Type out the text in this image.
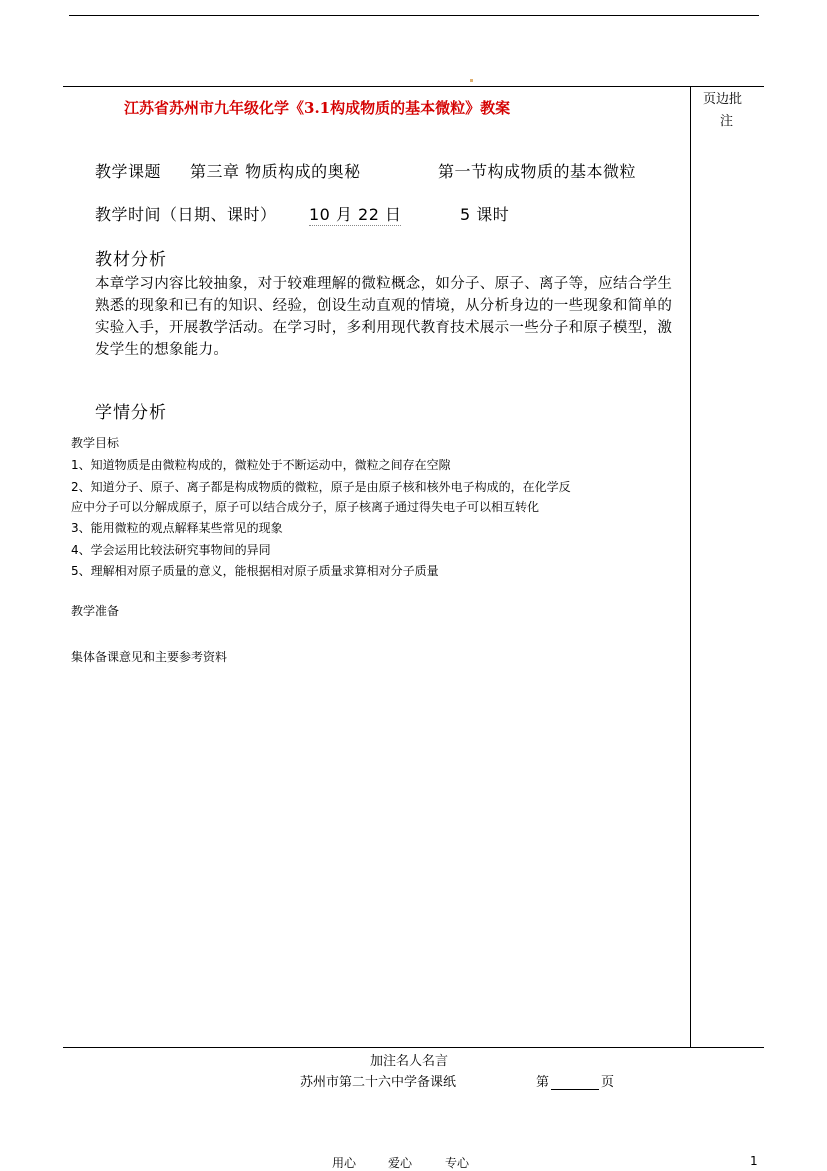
页边批
注
江苏省苏州市九年级化学《3.1构成物质的基本微粒》教案
教学课题 第三章 物质构成的奥秘	第一节构成物质的基本微粒
教学时间（日期、课时） 10 月 22 日	5 课时
教材分析
本章学习内容比较抽象，对于较难理解的微粒概念，如分子、原子、离子等，应结合学生熟悉的现象和已有的知识、经验，创设生动直观的情境，从分析身边的一些现象和简单的实验入手，开展教学活动。在学习时，多利用现代教育技术展示一些分子和原子模型，激发学生的想象能力。
学情分析
教学目标
1、知道物质是由微粒构成的，微粒处于不断运动中，微粒之间存在空隙
2、知道分子、原子、离子都是构成物质的微粒，原子是由原子核和核外电子构成的，在化学反
应中分子可以分解成原子，原子可以结合成分子，原子核离子通过得失电子可以相互转化
3、能用微粒的观点解释某些常见的现象
4、学会运用比较法研究事物间的异同
5、理解相对原子质量的意义，能根据相对原子质量求算相对分子质量
教学准备
集体备课意见和主要参考资料
加注名人名言
苏州市第二十六中学备课纸	第	页
用心	爱心	专心	1
